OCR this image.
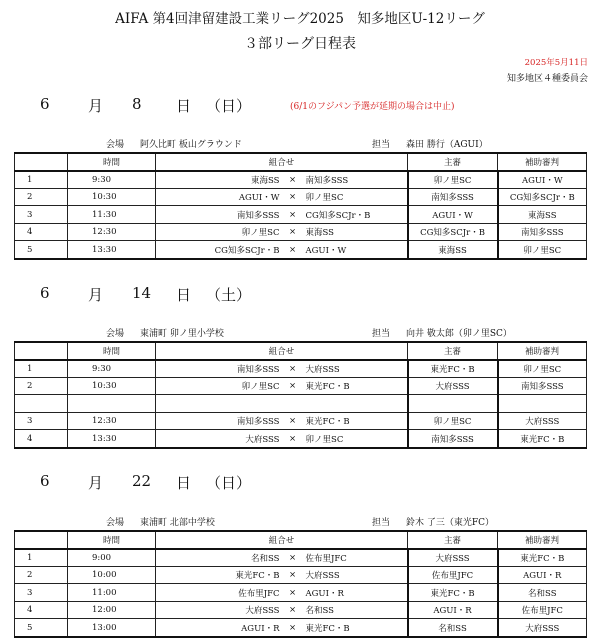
AIFA 第4回津留建設工業リーグ2025　知多地区U-12リーグ
３部リーグ日程表
2025年5月11日
知多地区４種委員会
6	月 8 日 （日）	(6/1のフジパン予選が延期の場合は中止)
会場 阿久比町 板山グラウンド	担当 森田 勝行（AGUI）
	時間	組合せ			主審	補助審判
1	9:30	東海SS	×	南知多SSS	卯ノ里SC	AGUI・W
2	10:30	AGUI・W	×	卯ノ里SC	南知多SSS	CG知多SCJr・B
3	11:30	南知多SSS	×	CG知多SCJr・B	AGUI・W	東海SS
4	12:30	卯ノ里SC	×	東海SS	CG知多SCJr・B	南知多SSS
5	13:30	CG知多SCJr・B	×	AGUI・W	東海SS	卯ノ里SC
6	月 14 日 （土）
会場 東浦町 卯ノ里小学校	担当 向井 敬太郎（卯ノ里SC）
	時間	組合せ			主審	補助審判
1	9:30	南知多SSS	×	大府SSS	東光FC・B	卯ノ里SC
2	10:30	卯ノ里SC	×	東光FC・B	大府SSS	南知多SSS

3	12:30	南知多SSS	×	東光FC・B	卯ノ里SC	大府SSS
4	13:30	大府SSS	×	卯ノ里SC	南知多SSS	東光FC・B
6	月 22 日 （日）
会場 東浦町 北部中学校	担当 鈴木 了三（東光FC）
	時間	組合せ			主審	補助審判
1	9:00	名和SS	×	佐布里JFC	大府SSS	東光FC・B
2	10:00	東光FC・B	×	大府SSS	佐布里JFC	AGUI・R
3	11:00	佐布里JFC	×	AGUI・R	東光FC・B	名和SS
4	12:00	大府SSS	×	名和SS	AGUI・R	佐布里JFC
5	13:00	AGUI・R	×	東光FC・B	名和SS	大府SSS
